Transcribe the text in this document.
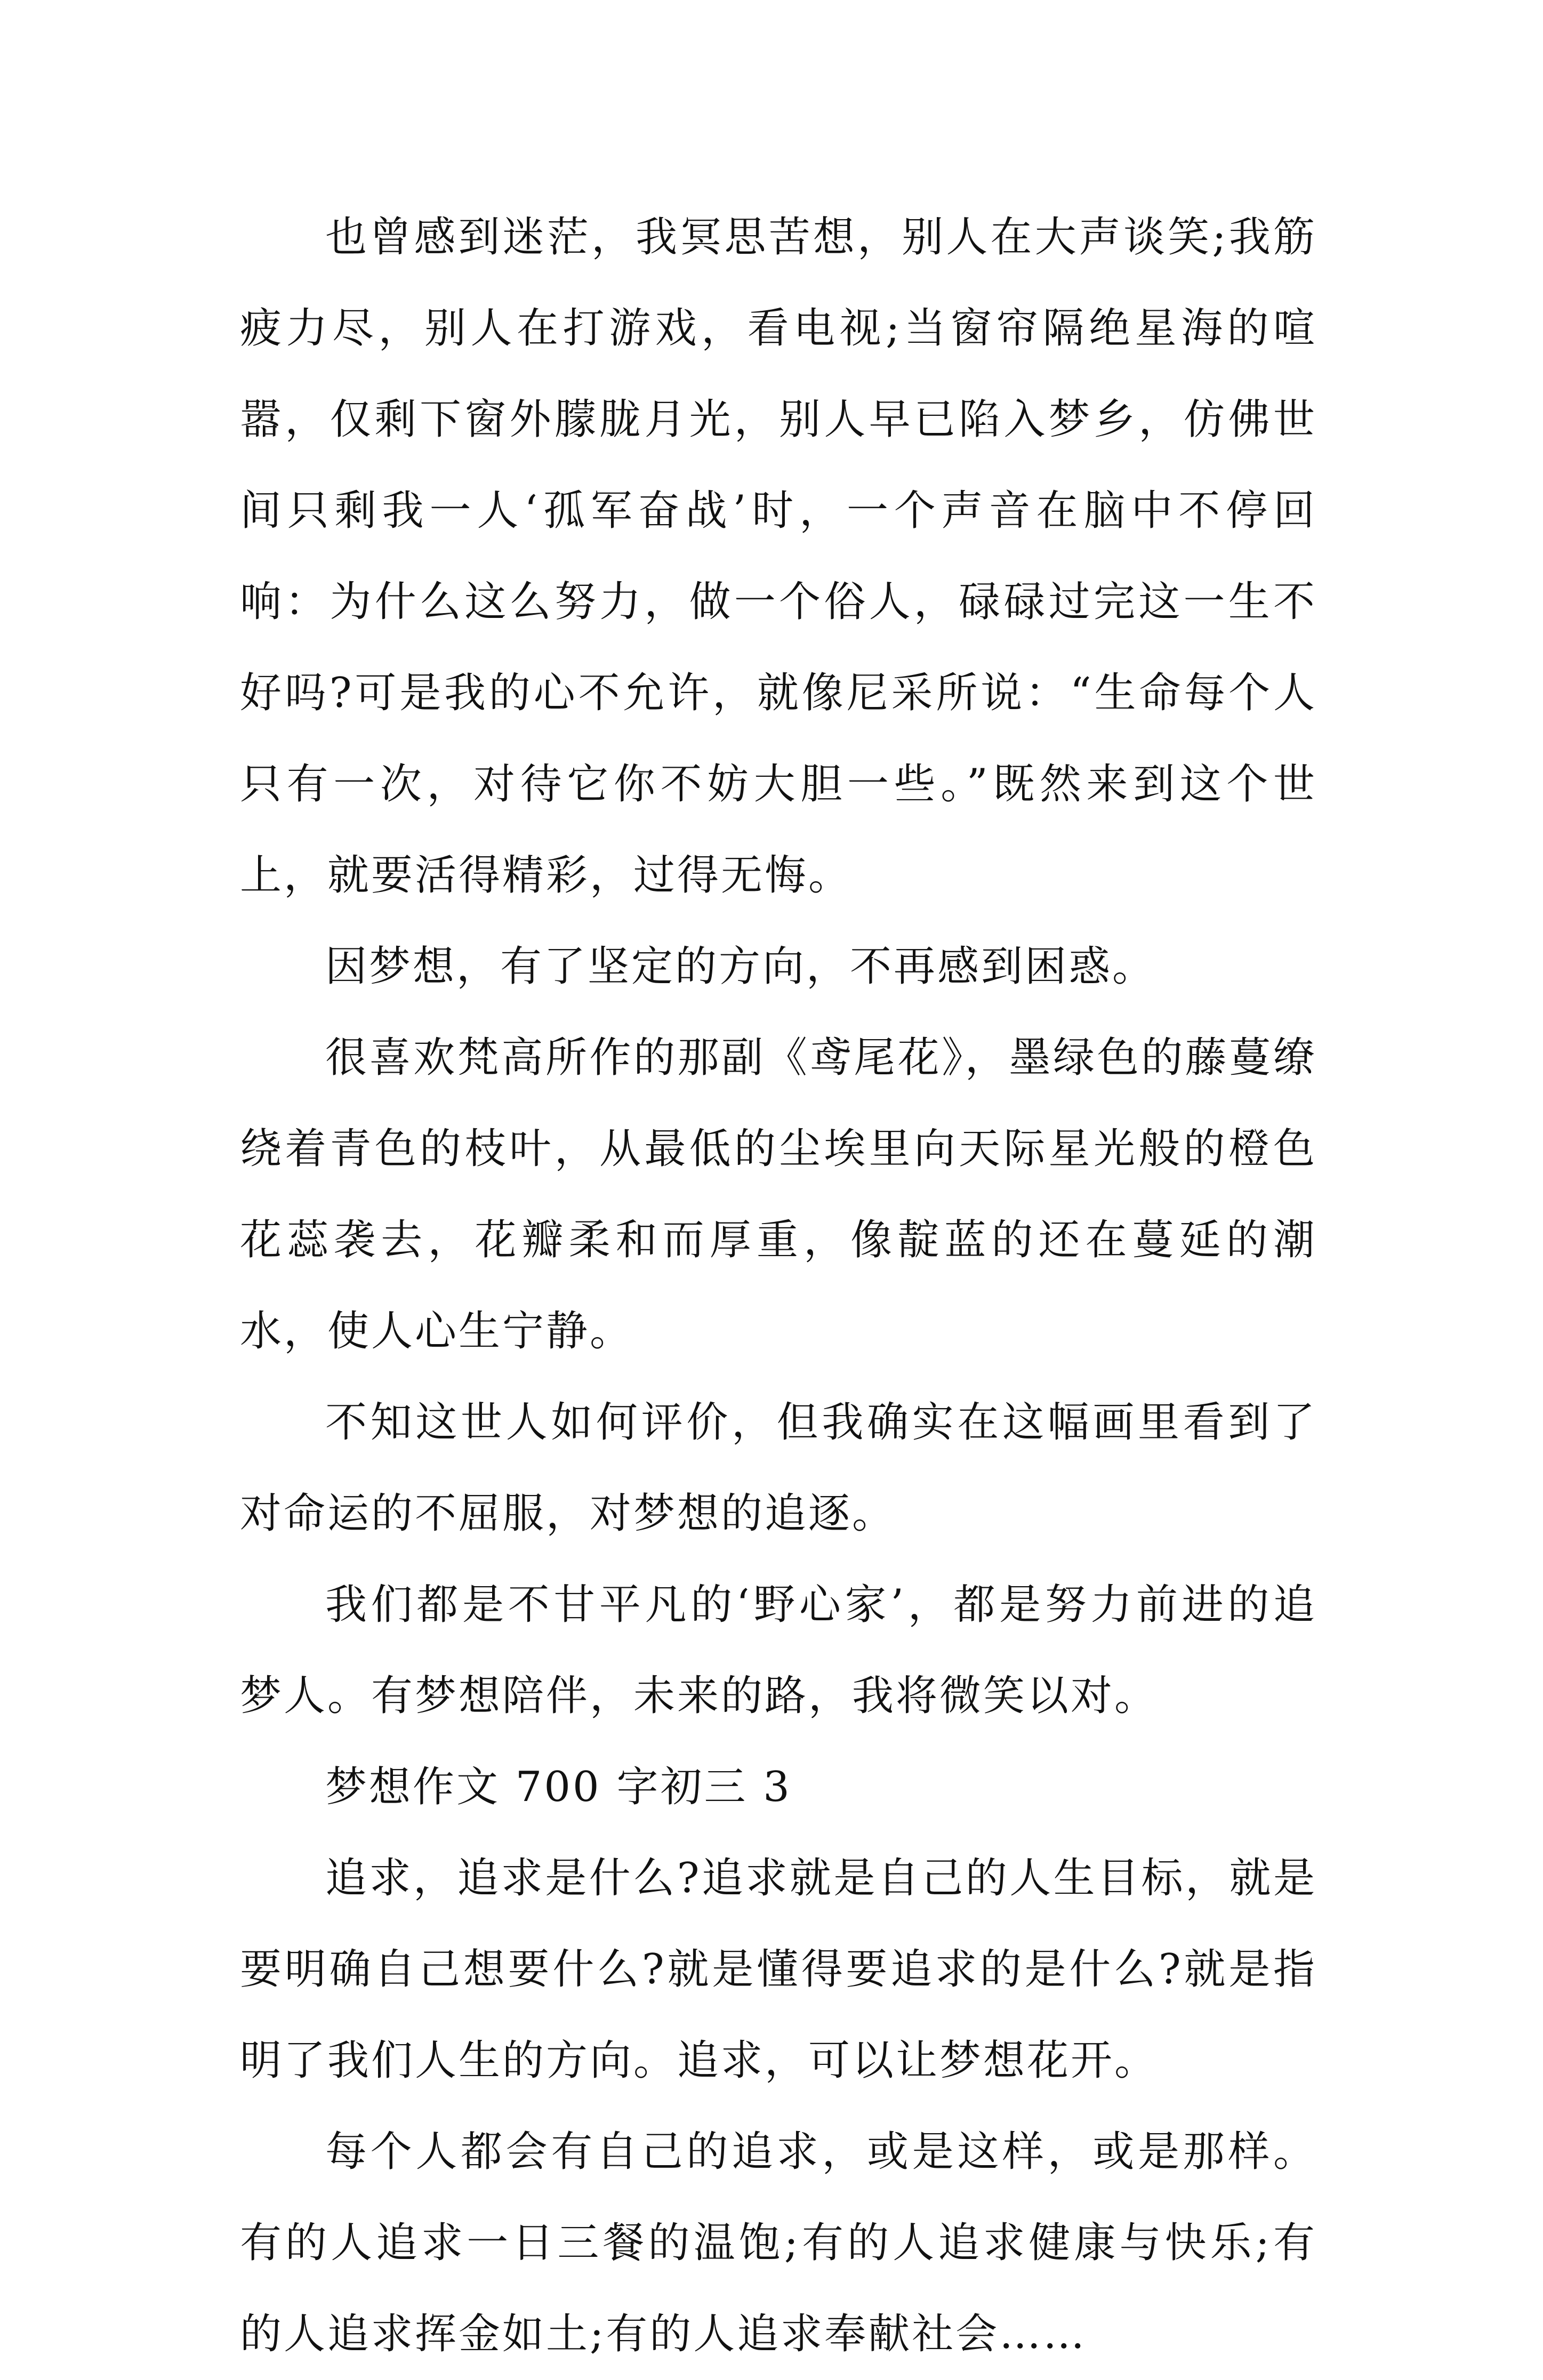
也曾感到迷茫，我冥思苦想，别人在大声谈笑;我筋疲力尽，别人在打游戏，看电视;当窗帘隔绝星海的喧嚣，仅剩下窗外朦胧月光，别人早已陷入梦乡，仿佛世间只剩我一人‘孤军奋战’时，一个声音在脑中不停回响：为什么这么努力，做一个俗人，碌碌过完这一生不好吗?可是我的心不允许，就像尼采所说：“生命每个人只有一次，对待它你不妨大胆一些。”既然来到这个世上，就要活得精彩，过得无悔。

因梦想，有了坚定的方向，不再感到困惑。

很喜欢梵高所作的那副《鸢尾花》，墨绿色的藤蔓缭绕着青色的枝叶，从最低的尘埃里向天际星光般的橙色花蕊袭去，花瓣柔和而厚重，像靛蓝的还在蔓延的潮水，使人心生宁静。

不知这世人如何评价，但我确实在这幅画里看到了对命运的不屈服，对梦想的追逐。

我们都是不甘平凡的‘野心家’，都是努力前进的追梦人。有梦想陪伴，未来的路，我将微笑以对。

梦想作文 700 字初三 3

追求，追求是什么?追求就是自己的人生目标，就是要明确自己想要什么?就是懂得要追求的是什么?就是指明了我们人生的方向。追求，可以让梦想花开。

每个人都会有自己的追求，或是这样，或是那样。有的人追求一日三餐的温饱;有的人追求健康与快乐;有的人追求挥金如土;有的人追求奉献社会……
